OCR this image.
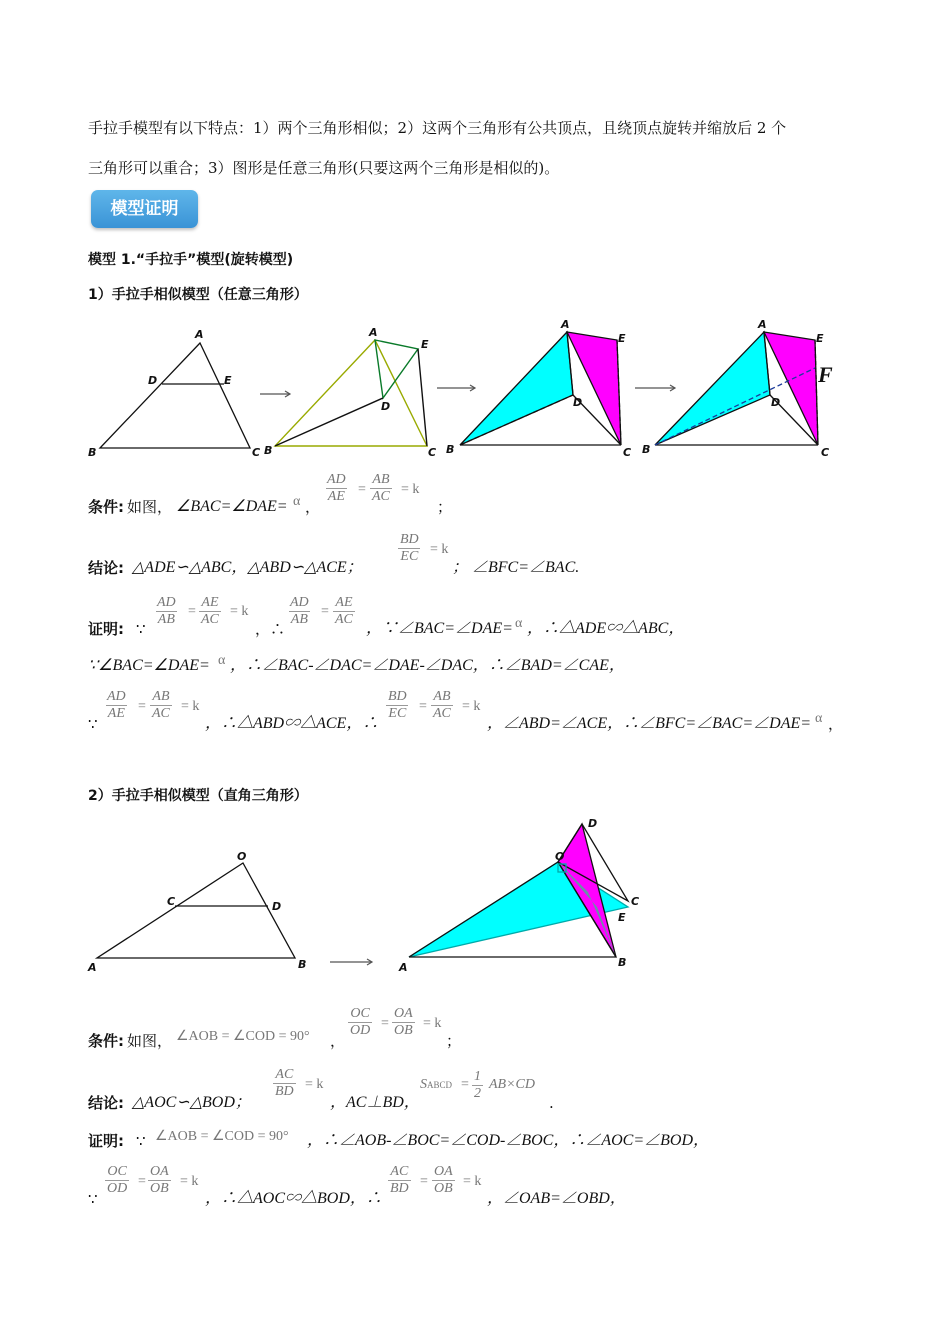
手拉手模型有以下特点：1）两个三角形相似；2）这两个三角形有公共顶点，且绕顶点旋转并缩放后 2 个
三角形可以重合；3）图形是任意三角形(只要这两个三角形是相似的)。
模型证明
模型 1.“手拉手”模型(旋转模型)
1）手拉手相似模型（任意三角形）
A
D	E
B	C
A
E
D
B	C
A
E
D
B	C
A
E
D
B	C
F
条件: 如图， ∠BAC=∠DAE= α ，
$\frac{AD}{AE} = \frac{AB}{AC} = k$
；
结论: △ADE∽△ABC，△ABD∽△ACE；
$\frac{BD}{EC} = k$
； ∠BFC=∠BAC.
证明: ∵
$\frac{AD}{AB} = \frac{AE}{AC} = k$
，∴
$\frac{AD}{AB} = \frac{AE}{AC}$
，∵∠BAC=∠DAE= α ，∴△ADE∽△ABC，
∵∠BAC=∠DAE= α ，∴∠BAC-∠DAC=∠DAE-∠DAC，∴∠BAD=∠CAE，
∵
$\frac{AD}{AE} = \frac{AB}{AC} = k$
，∴△ABD∽△ACE，∴
$\frac{BD}{EC} = \frac{AB}{AC} = k$
，∠ABD=∠ACE，∴∠BFC=∠BAC=∠DAE= α ，
2）手拉手相似模型（直角三角形）
O
C	D
A	B
O
D
C
E
A	B
条件: 如图， ∠AOB = ∠COD = 90° ，
$\frac{OC}{OD} = \frac{OA}{OB} = k$
；
结论: △AOC∽△BOD；
$\frac{AC}{BD} = k$
，AC⊥BD，
SABCD = $\frac{1}{2} AB\times CD$
.
证明: ∵ ∠AOB = ∠COD = 90° ，∴∠AOB-∠BOC=∠COD-∠BOC，∴∠AOC=∠BOD，
∵
$\frac{OC}{OD} = \frac{OA}{OB} = k$
，∴△AOC∽△BOD，∴
$\frac{AC}{BD} = \frac{OA}{OB} = k$
，∠OAB=∠OBD，
